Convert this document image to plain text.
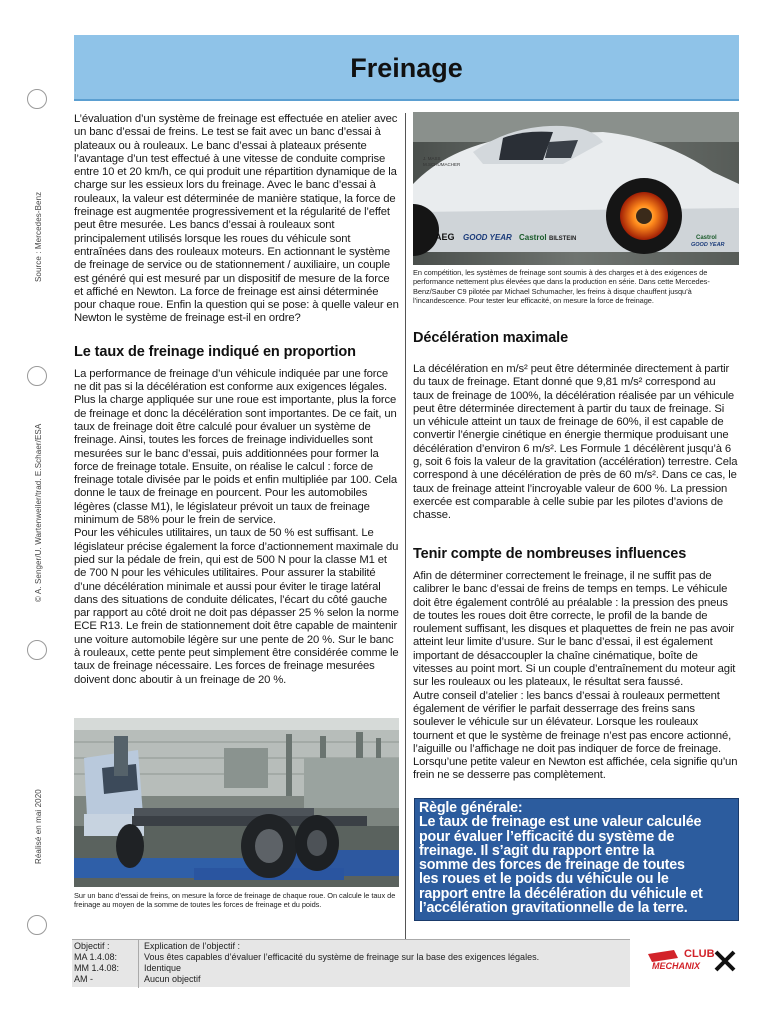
Source : Mercedes-Benz
© A. Senger/U. Wartenweiler/trad. E.Schaer/ESA
Réalisé en mai 2020
Freinage

L’évaluation d’un système de freinage est effectuée en atelier avec un banc d’essai de freins. Le test se fait avec un banc d’essai à plateaux ou à rouleaux. Le banc d’essai à plateaux présente l’avantage d’un test effectué à une vitesse de conduite comprise entre 10 et 20 km/h, ce qui produit une répartition dynamique de la charge sur les essieux lors du freinage. Avec le banc d’essai à rouleaux, la valeur est déterminée de manière statique, la force de freinage est augmentée progressivement et la régularité de l’effet peut être mesurée. Les bancs d’essai à rouleaux sont principalement utilisés lorsque les roues du véhicule sont entraînées dans des rouleaux moteurs. En actionnant le système de freinage de service ou de stationnement / auxiliaire, un couple est généré qui est mesuré par un dispositif de mesure de la force et affiché en Newton. La force de freinage est ainsi déterminée pour chaque roue. Enfin la question qui se pose: à quelle valeur en Newton le système de freinage est-il en ordre?

Le taux de freinage indiqué en proportion

La performance de freinage d’un véhicule indiquée par une force ne dit pas si la décélération est conforme aux exigences légales. Plus la charge appliquée sur une roue est importante, plus la force de freinage et donc la décélération sont importantes. De ce fait, un taux de freinage doit être calculé pour évaluer un système de freinage. Ainsi, toutes les forces de freinage individuelles sont mesurées sur le banc d’essai, puis additionnées pour former la force de freinage totale. Ensuite, on réalise le calcul : force de freinage totale divisée par le poids et enfin multipliée par 100. Cela donne le taux de freinage en pourcent. Pour les automobiles légères (classe M1), le législateur prévoit un taux de freinage minimum de 58% pour le frein de service.

Pour les véhicules utilitaires, un taux de 50 % est suffisant. Le législateur précise également la force d’actionnement maximale du pied sur la pédale de frein, qui est de 500 N pour la classe M1 et de 700 N pour les véhicules utilitaires. Pour assurer la stabilité d’une décélération minimale et aussi pour éviter le tirage latéral dans des situations de conduite délicates, l’écart du côté gauche par rapport au côté droit ne doit pas dépasser 25 % selon la norme ECE R13. Le frein de stationnement doit être capable de maintenir une voiture automobile légère sur une pente de 20 %. Sur le banc à rouleaux, cette pente peut simplement être considérée comme le taux de freinage nécessaire. Les forces de freinage mesurées doivent donc aboutir à un freinage de 20 %.

Sur un banc d’essai de freins, on mesure la force de freinage de chaque roue. On calcule le taux de freinage au moyen de la somme de toutes les forces de freinage et du poids.
AEG GOOD YEAR Castrol BILSTEIN	Castrol
GOOD YEAR
J. MASS
M.SCHUMACHER
En compétition, les systèmes de freinage sont soumis à des charges et à des exigences de performance nettement plus élevées que dans la production en série. Dans cette Mercedes-Benz/Sauber C9 pilotée par Michael Schumacher, les freins à disque chauffent jusqu’à l’incandescence. Pour tester leur efficacité, on mesure la force de freinage.
Décélération maximale

La décélération en m/s² peut être déterminée directement à partir du taux de freinage. Etant donné que 9,81 m/s² correspond au taux de freinage de 100%, la décélération réalisée par un véhicule peut être déterminée directement à partir du taux de freinage. Si un véhicule atteint un taux de freinage de 60%, il est capable de convertir l’énergie cinétique en énergie thermique produisant une décélération d’environ 6 m/s². Les Formule 1 décélèrent jusqu’à 6 g, soit 6 fois la valeur de la gravitation (accélération) terrestre. Cela correspond à une décélération de près de 60 m/s². Dans ce cas, le taux de freinage atteint l’incroyable valeur de 600 %. La pression exercée est comparable à celle subie par les pilotes d’avions de chasse.

Tenir compte de nombreuses influences

Afin de déterminer correctement le freinage, il ne suffit pas de calibrer le banc d’essai de freins de temps en temps. Le véhicule doit être également contrôlé au préalable : la pression des pneus de toutes les roues doit être correcte, le profil de la bande de roulement suffisant, les disques et plaquettes de frein ne pas avoir atteint leur limite d’usure. Sur le banc d’essai, il est également important de désaccoupler la chaîne cinématique, boîte de vitesses au point mort. Si un couple d’entraînement du moteur agit sur les rouleaux ou les plateaux, le résultat sera faussé.

Autre conseil d’atelier : les bancs d’essai à rouleaux permettent également de vérifier le parfait desserrage des freins sans soulever le véhicule sur un élévateur. Lorsque les rouleaux tournent et que le système de freinage n’est pas encore actionné, l’aiguille ou l’affichage ne doit pas indiquer de force de freinage. Lorsqu’une petite valeur en Newton est affichée, cela signifie qu’un frein ne se desserre pas complètement.

Règle générale:
Le taux de freinage est une valeur calculée
pour évaluer l’efficacité du système de
freinage. Il s’agit du rapport entre la
somme des forces de freinage de toutes
les roues et le poids du véhicule ou le
rapport entre la décélération du véhicule et
l’accélération gravitationnelle de la terre.
Objectif :
MA 1.4.08:
MM 1.4.08:
AM -
Explication de l’objectif :
Vous êtes capables d’évaluer l’efficacité du système de freinage sur la base des exigences légales.
Identique
Aucun objectif
CLUB
MECHANIX
